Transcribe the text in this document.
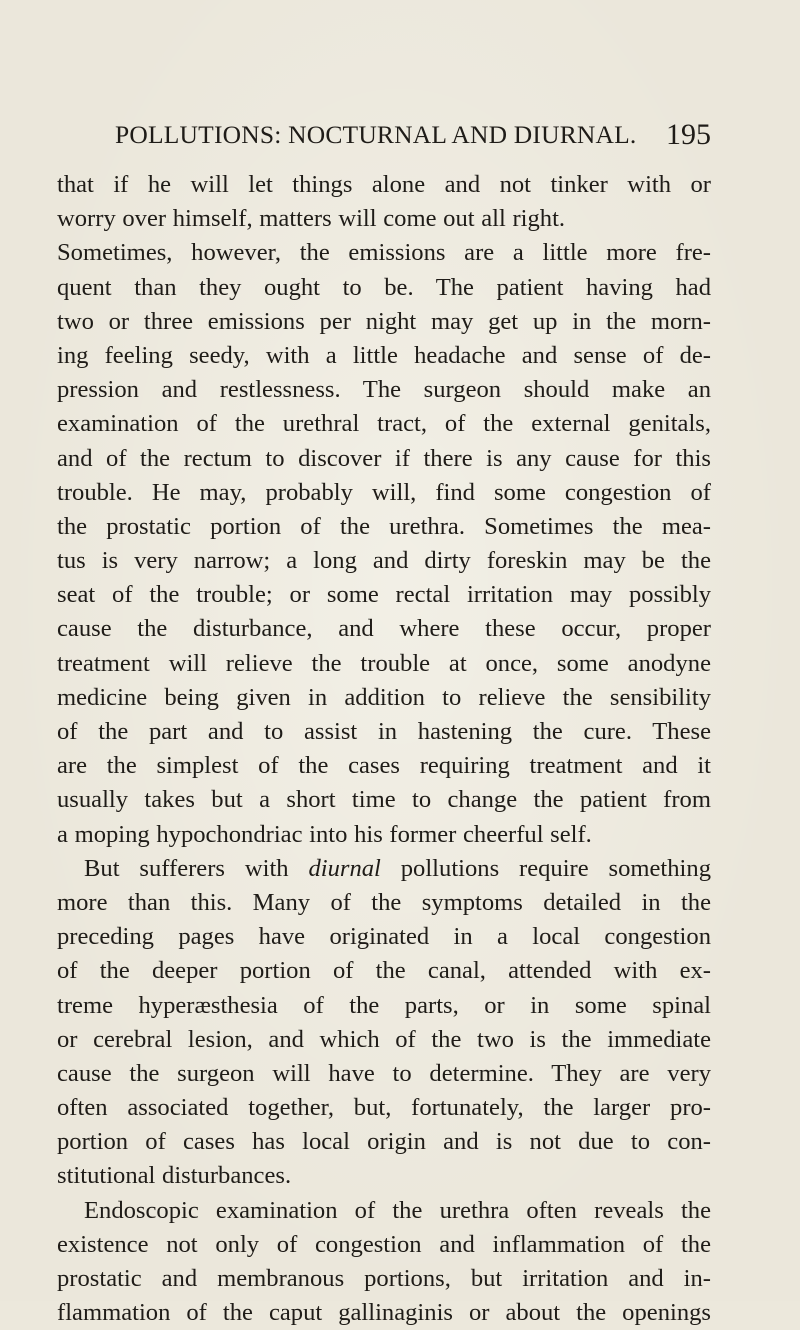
POLLUTIONS: NOCTURNAL AND DIURNAL. 195
that if he will let things alone and not tinker with or
worry over himself, matters will come out all right.
Sometimes, however, the emissions are a little more fre-
quent than they ought to be. The patient having had
two or three emissions per night may get up in the morn-
ing feeling seedy, with a little headache and sense of de-
pression and restlessness. The surgeon should make an
examination of the urethral tract, of the external genitals,
and of the rectum to discover if there is any cause for this
trouble. He may, probably will, find some congestion of
the prostatic portion of the urethra. Sometimes the mea-
tus is very narrow; a long and dirty foreskin may be the
seat of the trouble; or some rectal irritation may possibly
cause the disturbance, and where these occur, proper
treatment will relieve the trouble at once, some anodyne
medicine being given in addition to relieve the sensibility
of the part and to assist in hastening the cure. These
are the simplest of the cases requiring treatment and it
usually takes but a short time to change the patient from
a moping hypochondriac into his former cheerful self.
But sufferers with diurnal pollutions require something
more than this. Many of the symptoms detailed in the
preceding pages have originated in a local congestion
of the deeper portion of the canal, attended with ex-
treme hyperæsthesia of the parts, or in some spinal
or cerebral lesion, and which of the two is the immediate
cause the surgeon will have to determine. They are very
often associated together, but, fortunately, the larger pro-
portion of cases has local origin and is not due to con-
stitutional disturbances.
Endoscopic examination of the urethra often reveals the
existence not only of congestion and inflammation of the
prostatic and membranous portions, but irritation and in-
flammation of the caput gallinaginis or about the openings
